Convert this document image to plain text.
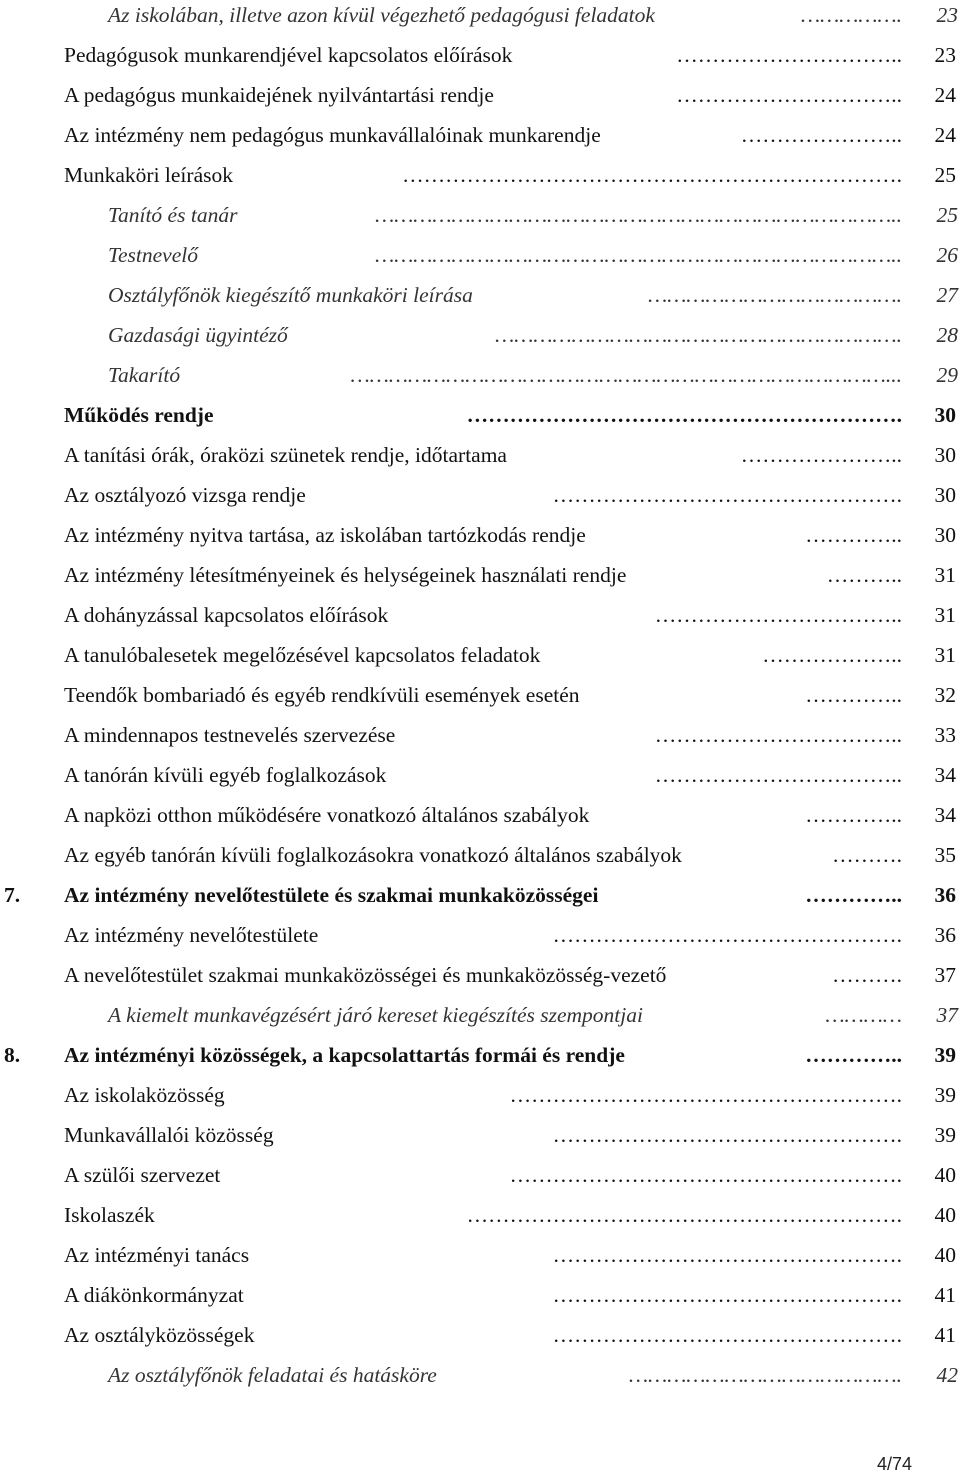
Az iskolában, illetve azon kívül végezhető pedagógusi feladatok	……………. 23
Pedagógusok munkarendjével kapcsolatos előírások	………………………….. 23
A pedagógus munkaidejének nyilvántartási rendje	………………………….. 24
Az intézmény nem pedagógus munkavállalóinak munkarendje	………………….. 24
Munkaköri leírások	……………………………………………………………. 25
Tanító és tanár	……………………………………………………………………….. 25
Testnevelő	……………………………………………………………………….. 26
Osztályfőnök kiegészítő munkaköri leírása	…………………………………. 27
Gazdasági ügyintéző	………………………………………………………. 28
Takarító	…………………………………………………………………………... 29
Működés rendje	……………………………………………………. 30
A tanítási órák, óraközi szünetek rendje, időtartama	………………….. 30
Az osztályozó vizsga rendje	…………………………………………. 30
Az intézmény nyitva tartása, az iskolában tartózkodás rendje	………….. 30
Az intézmény létesítményeinek és helységeinek használati rendje	……….. 31
A dohányzással kapcsolatos előírások	…………………………….. 31
A tanulóbalesetek megelőzésével kapcsolatos feladatok	……………….. 31
Teendők bombariadó és egyéb rendkívüli események esetén	………….. 32
A mindennapos testnevelés szervezése	…………………………….. 33
A tanórán kívüli egyéb foglalkozások	…………………………….. 34
A napközi otthon működésére vonatkozó általános szabályok	………….. 34
Az egyéb tanórán kívüli foglalkozásokra vonatkozó általános szabályok	………. 35
7. Az intézmény nevelőtestülete és szakmai munkaközösségei	………….. 36
Az intézmény nevelőtestülete	…………………………………………. 36
A nevelőtestület szakmai munkaközösségei és munkaközösség-vezető	………. 37
A kiemelt munkavégzésért járó kereset kiegészítés szempontjai	………… 37
8. Az intézményi közösségek, a kapcsolattartás formái és rendje	………….. 39
Az iskolaközösség	………………………………………………. 39
Munkavállalói közösség	…………………………………………. 39
A szülői szervezet	………………………………………………. 40
Iskolaszék	……………………………………………………. 40
Az intézményi tanács	…………………………………………. 40
A diákönkormányzat	…………………………………………. 41
Az osztályközösségek	…………………………………………. 41
Az osztályfőnök feladatai és hatásköre	……………………………………. 42
4/74
